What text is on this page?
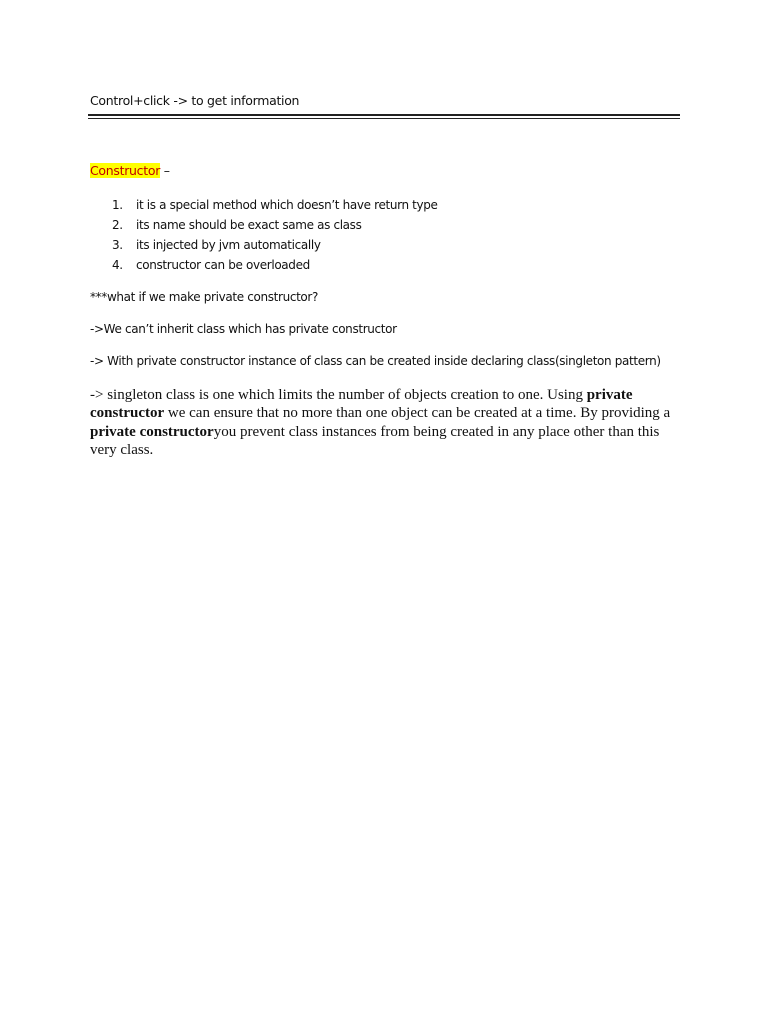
Control+click -> to get information
Constructor –
1. it is a special method which doesn’t have return type
2. its name should be exact same as class
3. its injected by jvm automatically
4. constructor can be overloaded
***what if we make private constructor?
->We can’t inherit class which has private constructor
-> With private constructor instance of class can be created inside declaring class(singleton pattern)
-> singleton class is one which limits the number of objects creation to one. Using private constructor we can ensure that no more than one object can be created at a time. By providing a private constructoryou prevent class instances from being created in any place other than this very class.
